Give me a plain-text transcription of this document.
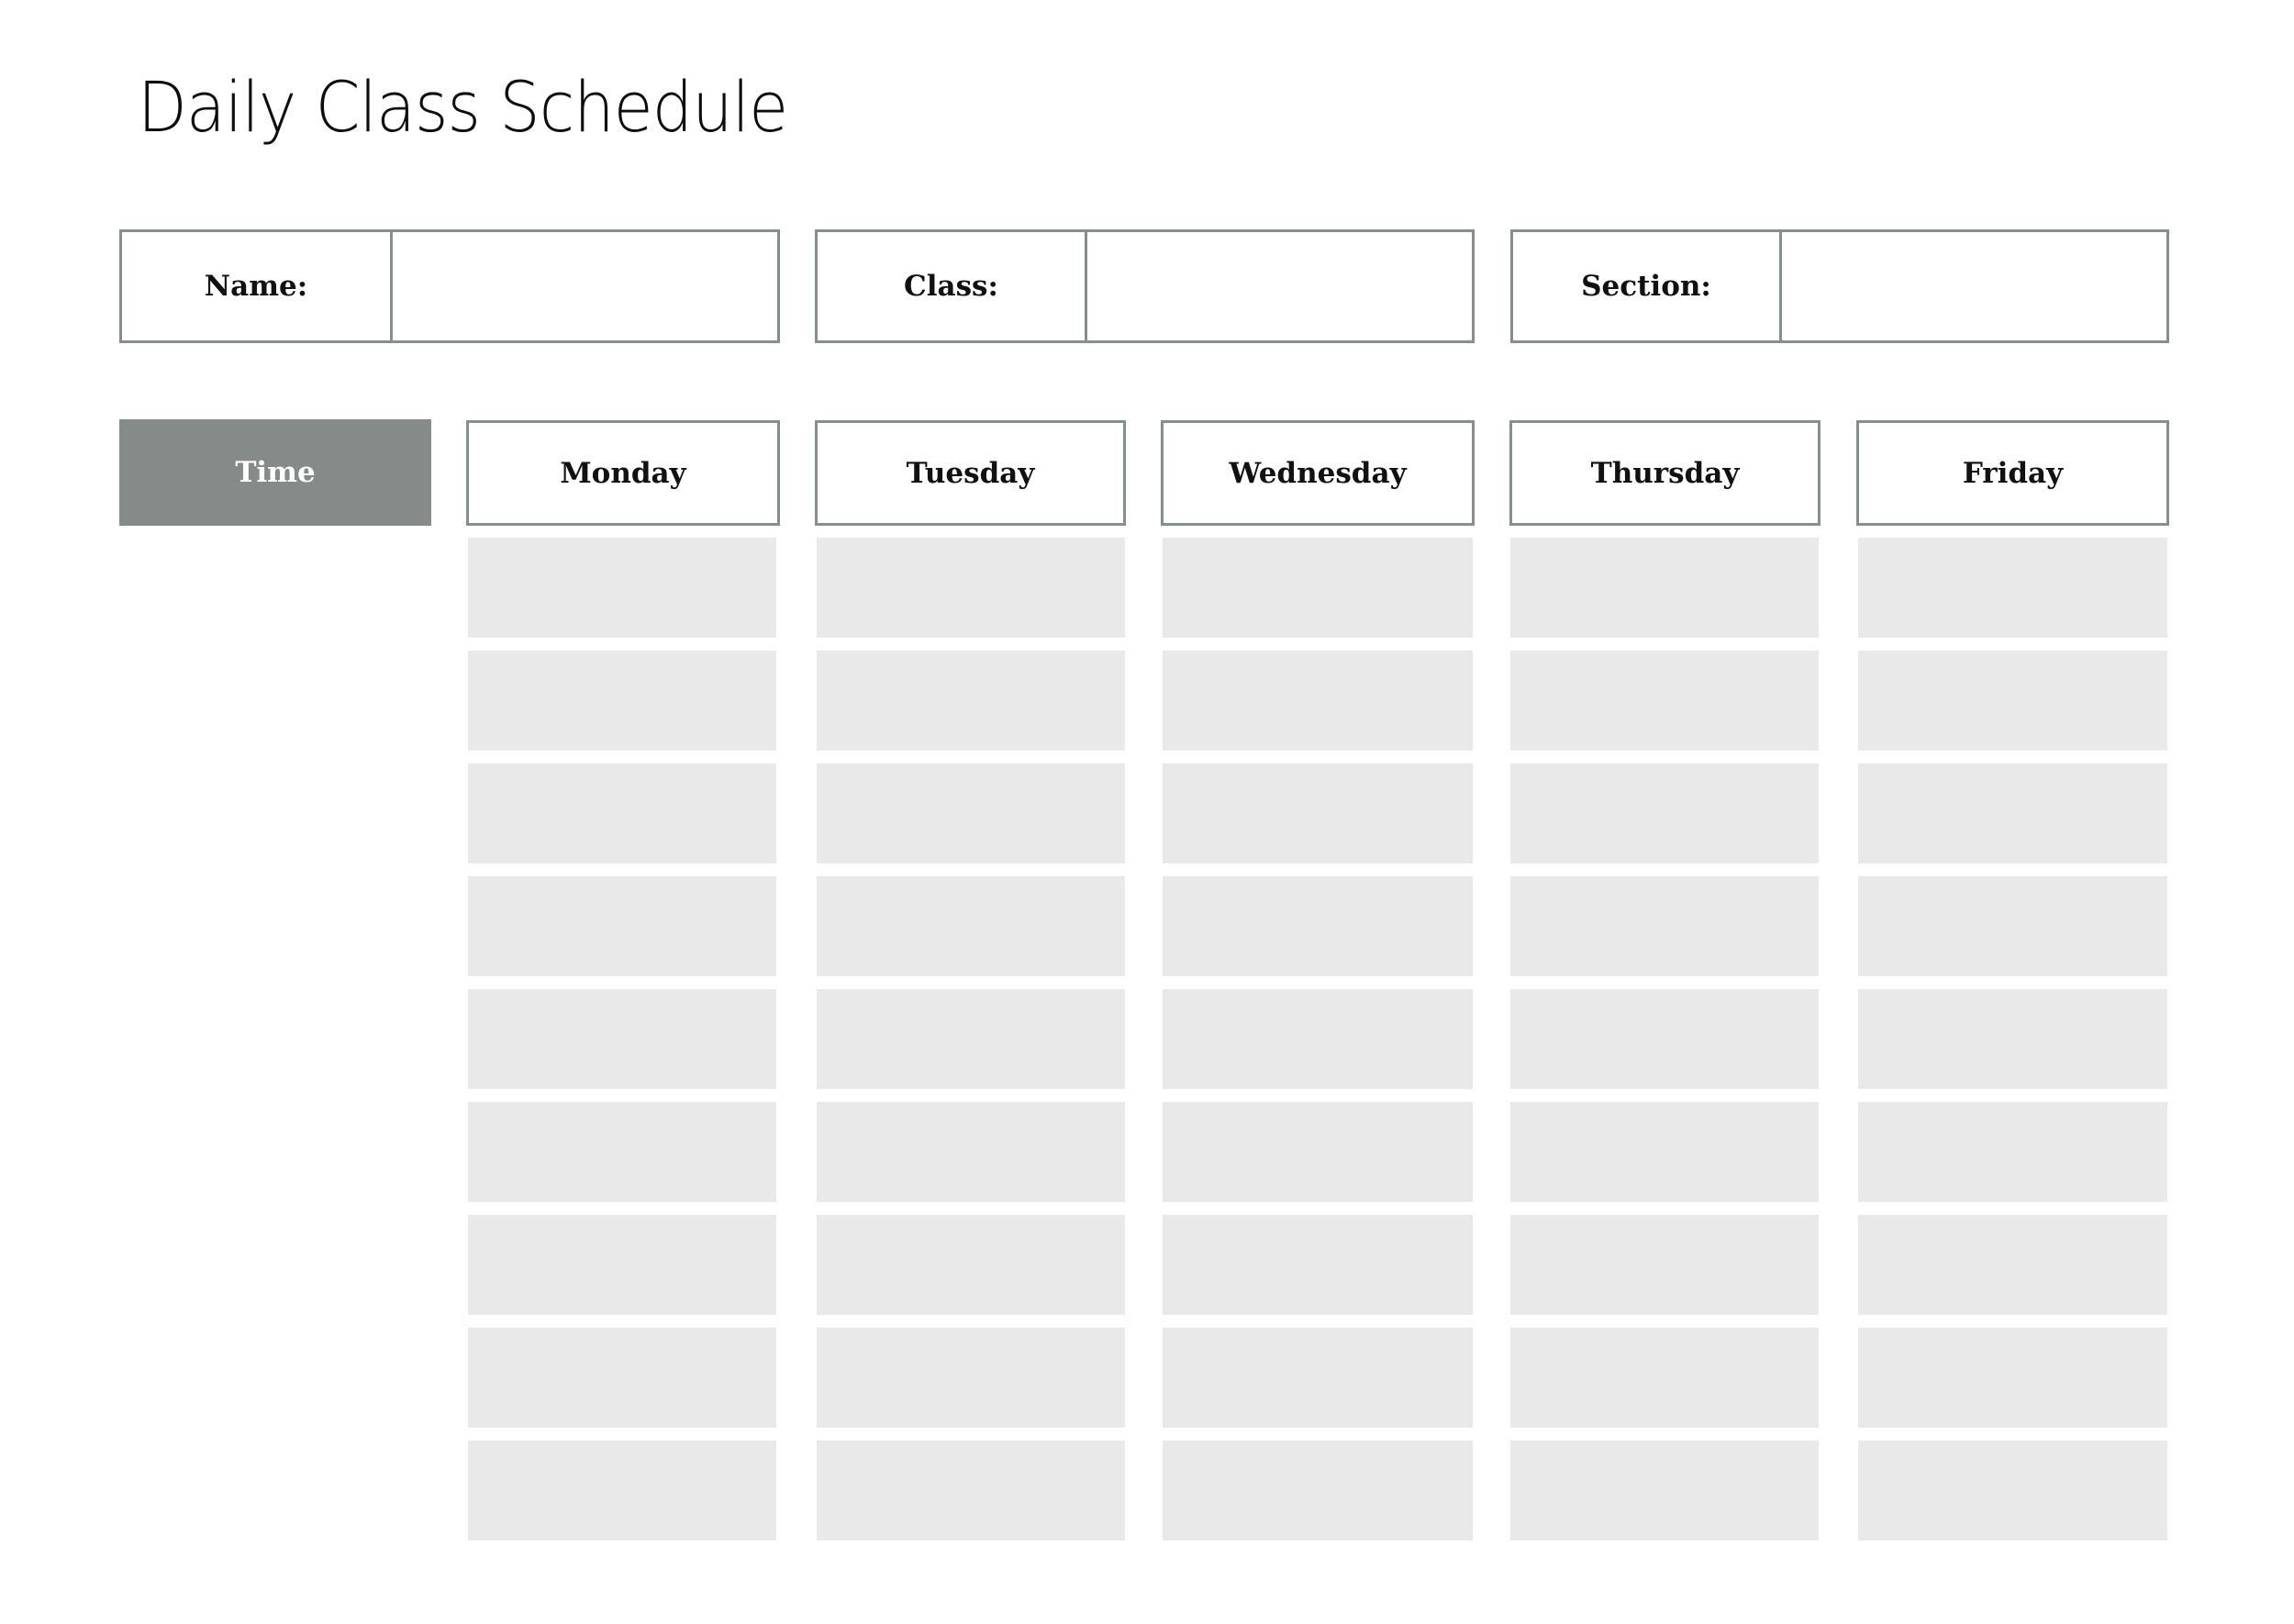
Daily Class Schedule
Name:	Class:	Section:
Time	Monday	Tuesday	Wednesday	Thursday	Friday
